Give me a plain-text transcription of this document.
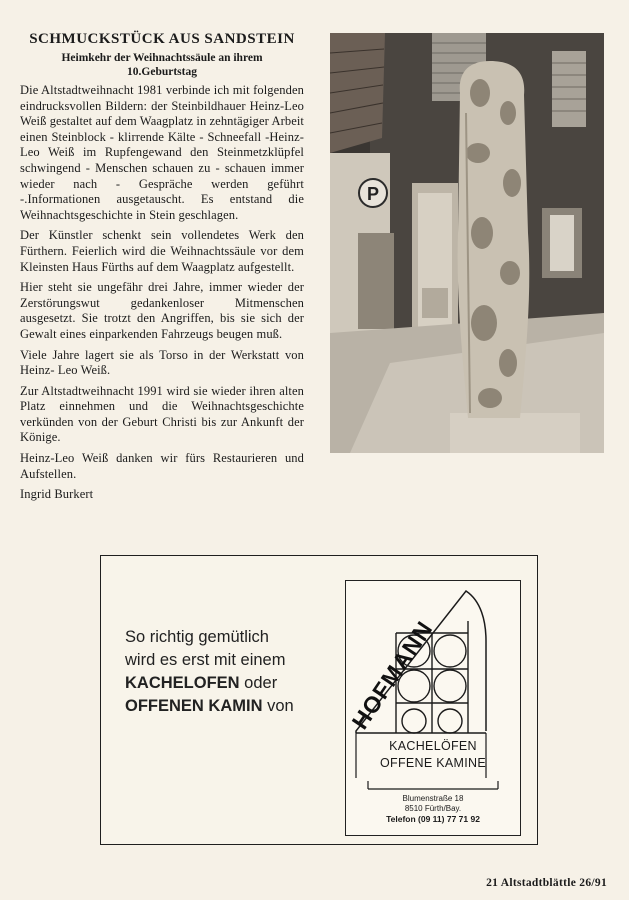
SCHMUCKSTÜCK AUS SANDSTEIN
Heimkehr der Weihnachtssäule an ihrem
10.Geburtstag

Die Altstadtweihnacht 1981 verbinde ich mit folgenden eindrucksvollen Bildern: der Steinbildhauer Heinz-Leo Weiß gestaltet auf dem Waagplatz in zehntägiger Arbeit einen Steinblock - klirrende Kälte - Schneefall -Heinz-Leo Weiß im Rupfengewand den Steinmetzklüpfel schwingend - Menschen schauen zu - schauen immer wieder nach - Gespräche werden geführt -.Informationen ausgetauscht. Es entstand die Weihnachtsgeschichte in Stein geschlagen.

Der Künstler schenkt sein vollendetes Werk den Fürthern. Feierlich wird die Weihnachtssäule vor dem Kleinsten Haus Fürths auf dem Waagplatz aufgestellt.

Hier steht sie ungefähr drei Jahre, immer wieder der Zerstörungswut gedankenloser Mitmenschen ausgesetzt. Sie trotzt den Angriffen, bis sie sich der Gewalt eines einparkenden Fahrzeugs beugen muß.

Viele Jahre lagert sie als Torso in der Werkstatt von Heinz- Leo Weiß.

Zur Altstadtweihnacht 1991 wird sie wieder ihren alten Platz einnehmen und die Weihnachtsgeschichte verkünden von der Geburt Christi bis zur Ankunft der Könige.

Heinz-Leo Weiß danken wir fürs Restaurieren und Aufstellen.

Ingrid Burkert

P
So richtig gemütlich
wird es erst mit einem
KACHELOFEN oder
OFFENEN KAMIN von	HOFMANN
KACHELÖFEN
OFFENE KAMINE
Blumenstraße 18
8510 Fürth/Bay.
Telefon (09 11) 77 71 92
21 Altstadtblättle 26/91
